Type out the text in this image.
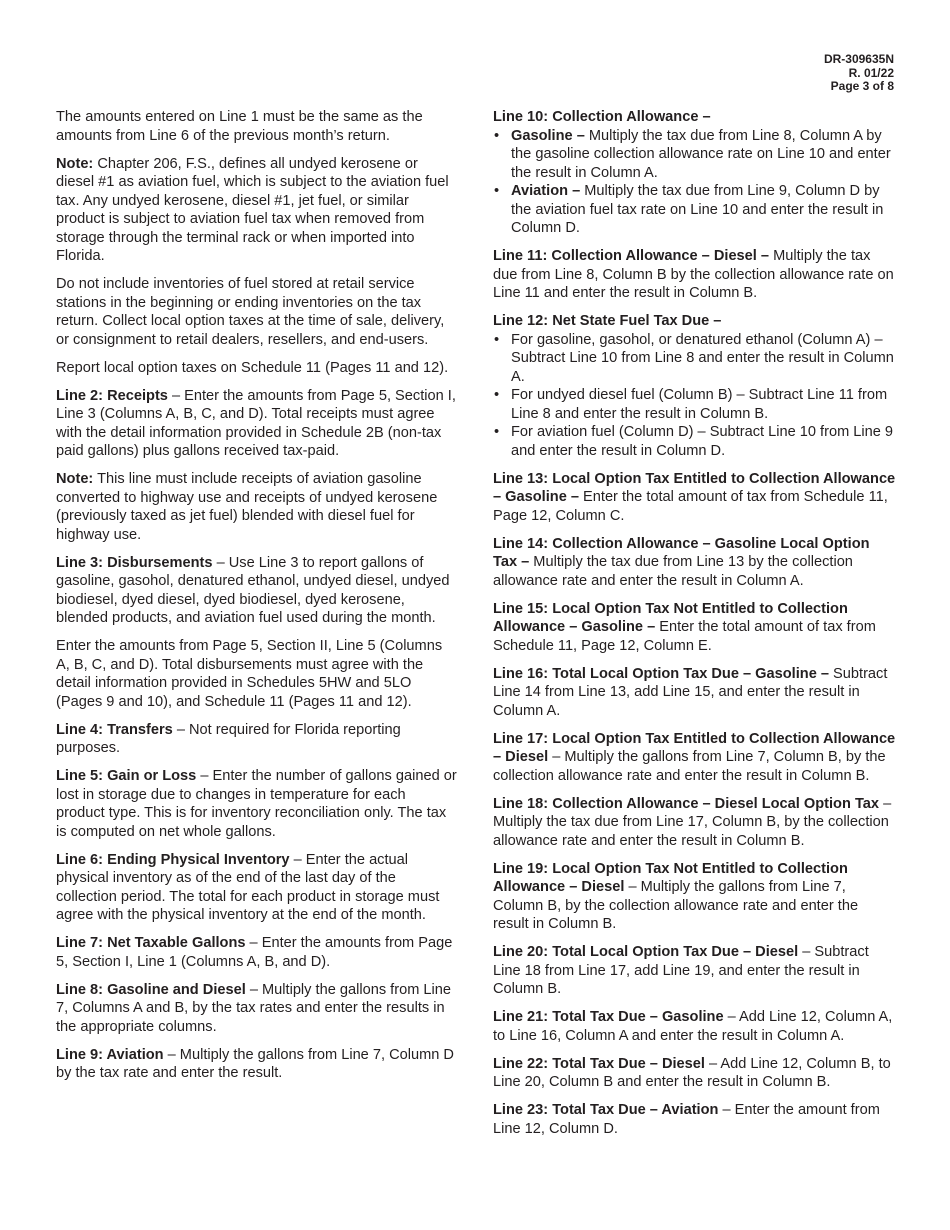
DR-309635N
R. 01/22
Page 3 of 8

The amounts entered on Line 1 must be the same as the amounts from Line 6 of the previous month’s return.

Note: Chapter 206, F.S., defines all undyed kerosene or diesel #1 as aviation fuel, which is subject to the aviation fuel tax. Any undyed kerosene, diesel #1, jet fuel, or similar product is subject to aviation fuel tax when removed from storage through the terminal rack or when imported into Florida.

Do not include inventories of fuel stored at retail service stations in the beginning or ending inventories on the tax return. Collect local option taxes at the time of sale, delivery, or consignment to retail dealers, resellers, and end-users.

Report local option taxes on Schedule 11 (Pages 11 and 12).

Line 2: Receipts – Enter the amounts from Page 5, Section I, Line 3 (Columns A, B, C, and D). Total receipts must agree with the detail information provided in Schedule 2B (non-tax paid gallons) plus gallons received tax-paid.

Note: This line must include receipts of aviation gasoline converted to highway use and receipts of undyed kerosene (previously taxed as jet fuel) blended with diesel fuel for highway use.

Line 3: Disbursements – Use Line 3 to report gallons of gasoline, gasohol, denatured ethanol, undyed diesel, undyed biodiesel, dyed diesel, dyed biodiesel, dyed kerosene, blended products, and aviation fuel used during the month.

Enter the amounts from Page 5, Section II, Line 5 (Columns A, B, C, and D). Total disbursements must agree with the detail information provided in Schedules 5HW and 5LO (Pages 9 and 10), and Schedule 11 (Pages 11 and 12).

Line 4: Transfers – Not required for Florida reporting purposes.

Line 5: Gain or Loss – Enter the number of gallons gained or lost in storage due to changes in temperature for each product type. This is for inventory reconciliation only. The tax is computed on net whole gallons.

Line 6: Ending Physical Inventory – Enter the actual physical inventory as of the end of the last day of the collection period. The total for each product in storage must agree with the physical inventory at the end of the month.

Line 7: Net Taxable Gallons – Enter the amounts from Page 5, Section I, Line 1 (Columns A, B, and D).

Line 8: Gasoline and Diesel – Multiply the gallons from Line 7, Columns A and B, by the tax rates and enter the results in the appropriate columns.

Line 9: Aviation – Multiply the gallons from Line 7, Column D by the tax rate and enter the result.

Line 10: Collection Allowance –

• Gasoline – Multiply the tax due from Line 8, Column A by the gasoline collection allowance rate on Line 10 and enter the result in Column A.
• Aviation – Multiply the tax due from Line 9, Column D by the aviation fuel tax rate on Line 10 and enter the result in Column D.

Line 11: Collection Allowance – Diesel – Multiply the tax due from Line 8, Column B by the collection allowance rate on Line 11 and enter the result in Column B.

Line 12: Net State Fuel Tax Due –

• For gasoline, gasohol, or denatured ethanol (Column A) – Subtract Line 10 from Line 8 and enter the result in Column A.
• For undyed diesel fuel (Column B) – Subtract Line 11 from Line 8 and enter the result in Column B.
• For aviation fuel (Column D) – Subtract Line 10 from Line 9 and enter the result in Column D.

Line 13: Local Option Tax Entitled to Collection Allowance – Gasoline – Enter the total amount of tax from Schedule 11, Page 12, Column C.

Line 14: Collection Allowance – Gasoline Local Option Tax – Multiply the tax due from Line 13 by the collection allowance rate and enter the result in Column A.

Line 15: Local Option Tax Not Entitled to Collection Allowance – Gasoline – Enter the total amount of tax from Schedule 11, Page 12, Column E.

Line 16: Total Local Option Tax Due – Gasoline – Subtract Line 14 from Line 13, add Line 15, and enter the result in Column A.

Line 17: Local Option Tax Entitled to Collection Allowance – Diesel – Multiply the gallons from Line 7, Column B, by the collection allowance rate and enter the result in Column B.

Line 18: Collection Allowance – Diesel Local Option Tax – Multiply the tax due from Line 17, Column B, by the collection allowance rate and enter the result in Column B.

Line 19: Local Option Tax Not Entitled to Collection Allowance – Diesel – Multiply the gallons from Line 7, Column B, by the collection allowance rate and enter the result in Column B.

Line 20: Total Local Option Tax Due – Diesel – Subtract Line 18 from Line 17, add Line 19, and enter the result in Column B.

Line 21: Total Tax Due – Gasoline – Add Line 12, Column A, to Line 16, Column A and enter the result in Column A.

Line 22: Total Tax Due – Diesel – Add Line 12, Column B, to Line 20, Column B and enter the result in Column B.

Line 23: Total Tax Due – Aviation – Enter the amount from Line 12, Column D.
